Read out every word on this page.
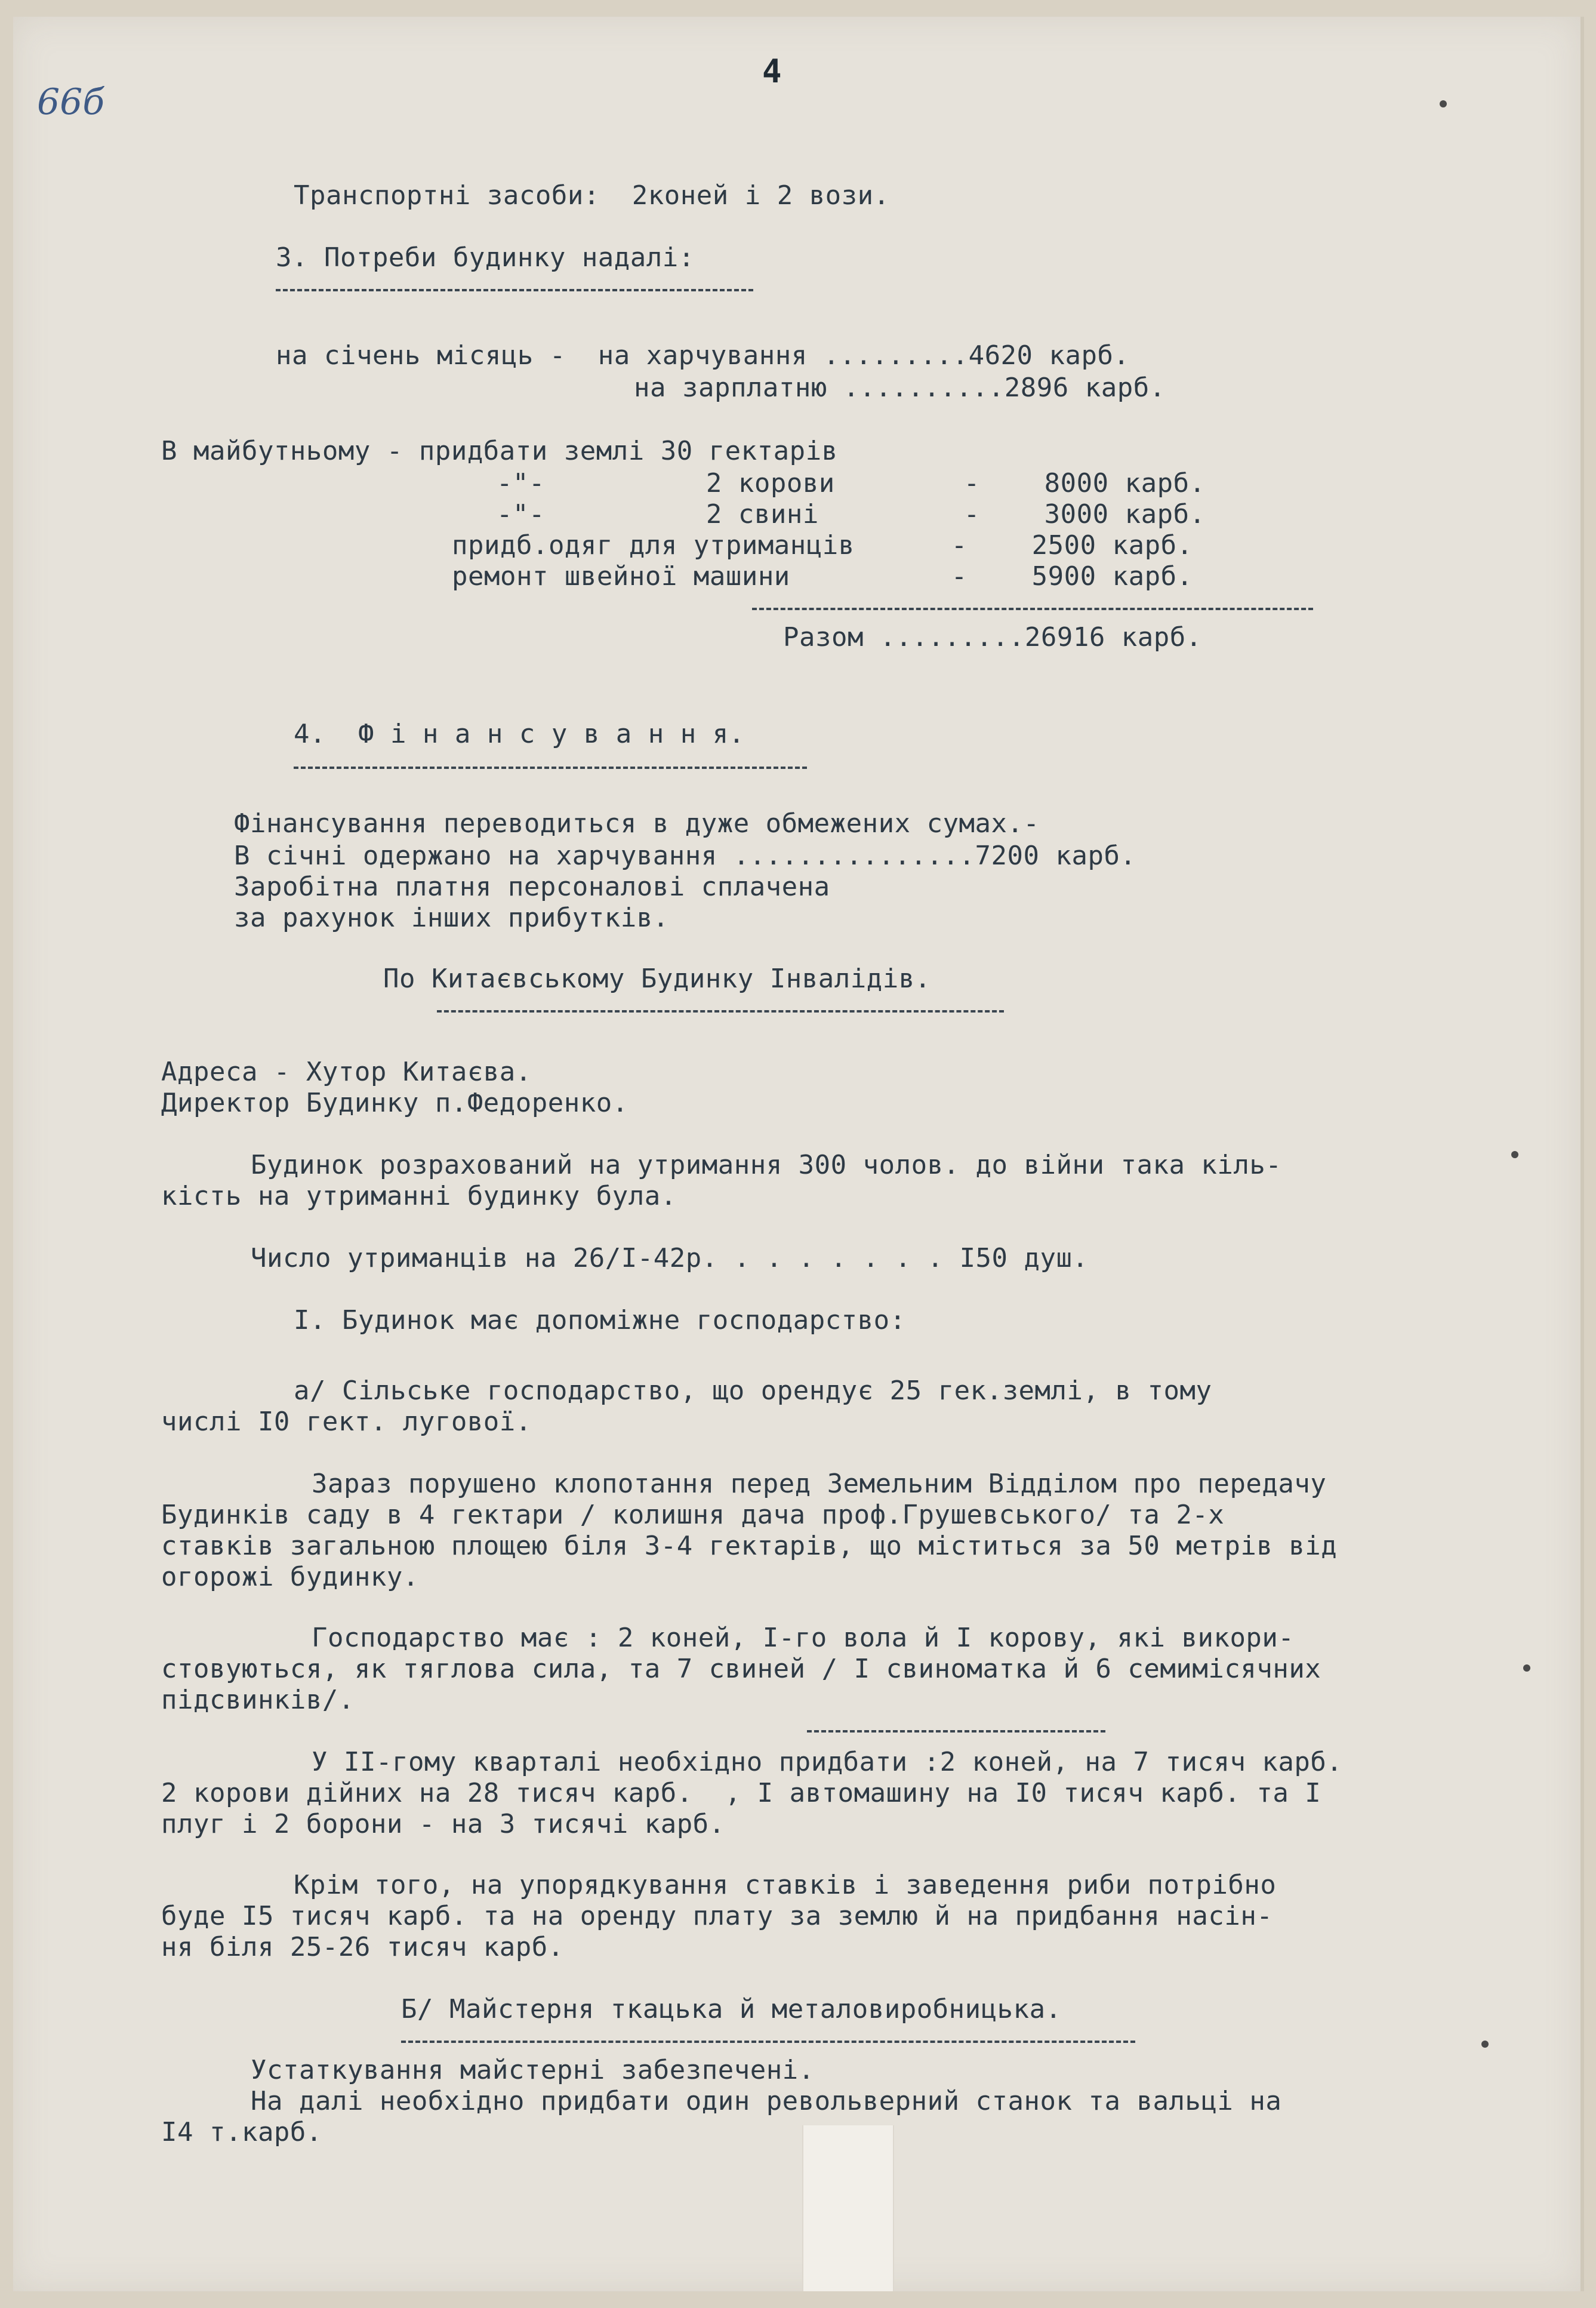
66б
4
Транспортні засоби:  2коней і 2 вози.
3. Потреби будинку надалі:
на січень місяць -  на харчування .........4620 карб.
на зарплатню ..........2896 карб.
В майбутньому - придбати землі 30 гектарів
-"-          2 корови        -    8000 карб.
-"-          2 свині         -    3000 карб.
придб.одяг для утриманців      -    2500 карб.
ремонт швейної машини          -    5900 карб.
Разом .........26916 карб.
4.  Ф і н а н с у в а н н я.
Фінансування переводиться в дуже обмежених сумах.-
В січні одержано на харчування ...............7200 карб.
Заробітна платня персоналові сплачена
за рахунок інших прибутків.
По Китаєвському Будинку Інвалідів.
Адреса - Хутор Китаєва.
Директор Будинку п.Федоренко.
Будинок розрахований на утримання 300 чолов. до війни така кіль-
кість на утриманні будинку була.
Число утриманців на 26/I-42р. . . . . . . . I50 душ.
I. Будинок має допоміжне господарство:
а/ Сільське господарство, що орендує 25 гек.землі, в тому
числі I0 гект. лугової.
Зараз порушено клопотання перед Земельним Відділом про передачу
Будинків саду в 4 гектари / колишня дача проф.Грушевського/ та 2-х
ставків загальною площею біля 3-4 гектарів, що міститься за 50 метрів від
огорожі будинку.
Господарство має : 2 коней, I-го вола й I корову, які викори-
стовуються, як тяглова сила, та 7 свиней / I свиноматка й 6 семимісячних
підсвинків/.
У II-гому кварталі необхідно придбати :2 коней, на 7 тисяч карб.
2 корови дійних на 28 тисяч карб.  , I автомашину на I0 тисяч карб. та I
плуг і 2 борони - на 3 тисячі карб.
Крім того, на упорядкування ставків і заведення риби потрібно
буде I5 тисяч карб. та на оренду плату за землю й на придбання насін-
ня біля 25-26 тисяч карб.
Б/ Майстерня ткацька й металовиробницька.
Устаткування майстерні забезпечені.
На далі необхідно придбати один револьверний станок та вальці на
I4 т.карб.
